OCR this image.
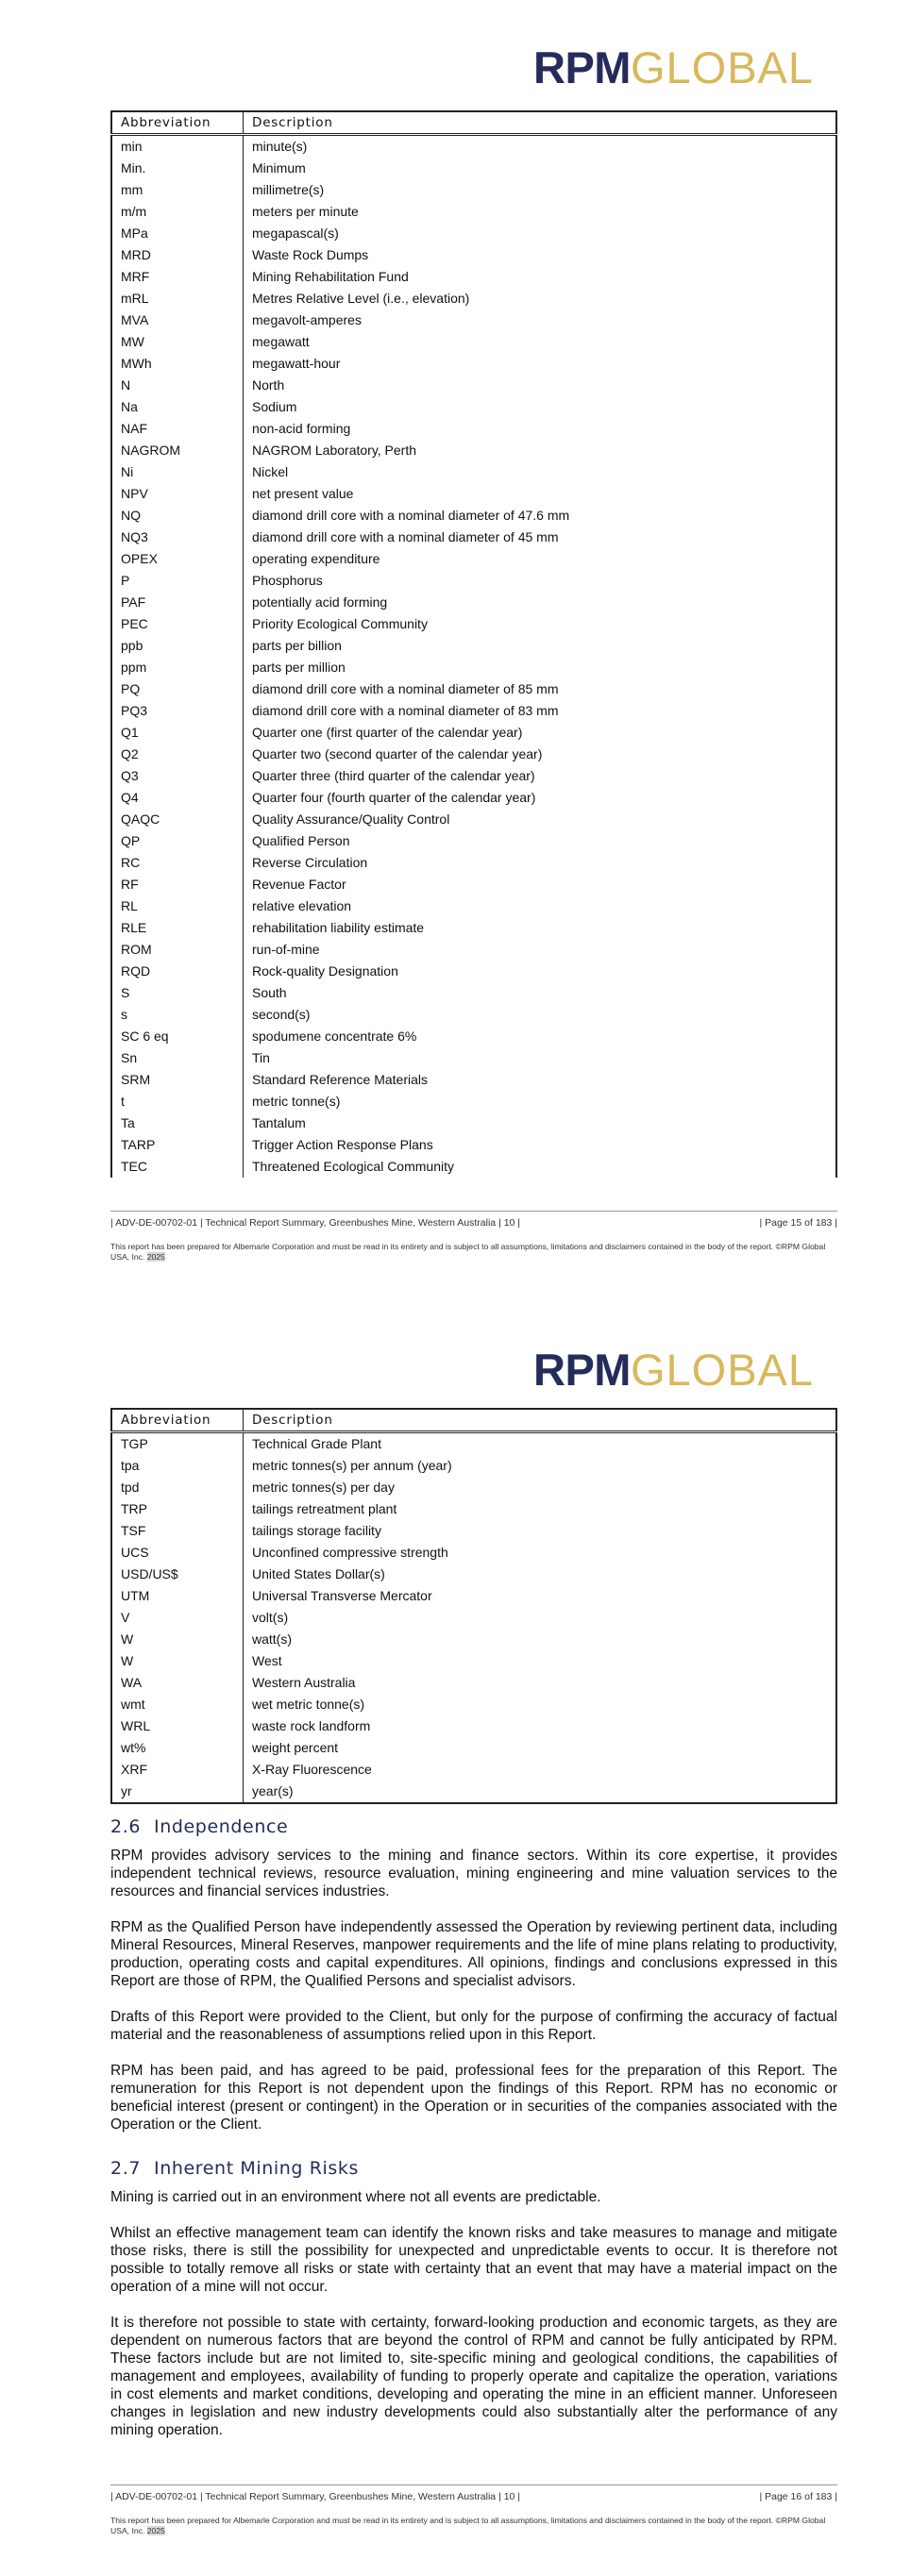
RPMGLOBAL
Abbreviation	Description
min	minute(s)
Min.	Minimum
mm	millimetre(s)
m/m	meters per minute
MPa	megapascal(s)
MRD	Waste Rock Dumps
MRF	Mining Rehabilitation Fund
mRL	Metres Relative Level (i.e., elevation)
MVA	megavolt-amperes
MW	megawatt
MWh	megawatt-hour
N	North
Na	Sodium
NAF	non-acid forming
NAGROM	NAGROM Laboratory, Perth
Ni	Nickel
NPV	net present value
NQ	diamond drill core with a nominal diameter of 47.6 mm
NQ3	diamond drill core with a nominal diameter of 45 mm
OPEX	operating expenditure
P	Phosphorus
PAF	potentially acid forming
PEC	Priority Ecological Community
ppb	parts per billion
ppm	parts per million
PQ	diamond drill core with a nominal diameter of 85 mm
PQ3	diamond drill core with a nominal diameter of 83 mm
Q1	Quarter one (first quarter of the calendar year)
Q2	Quarter two (second quarter of the calendar year)
Q3	Quarter three (third quarter of the calendar year)
Q4	Quarter four (fourth quarter of the calendar year)
QAQC	Quality Assurance/Quality Control
QP	Qualified Person
RC	Reverse Circulation
RF	Revenue Factor
RL	relative elevation
RLE	rehabilitation liability estimate
ROM	run-of-mine
RQD	Rock-quality Designation
S	South
s	second(s)
SC 6 eq	spodumene concentrate 6%
Sn	Tin
SRM	Standard Reference Materials
t	metric tonne(s)
Ta	Tantalum
TARP	Trigger Action Response Plans
TEC	Threatened Ecological Community
| ADV-DE-00702-01 | Technical Report Summary, Greenbushes Mine, Western Australia | 10 |	| Page 15 of 183 |
This report has been prepared for Albemarle Corporation and must be read in its entirety and is subject to all assumptions, limitations and disclaimers contained in the body of the report. ©RPM Global USA, Inc. 2025
RPMGLOBAL
Abbreviation	Description
TGP	Technical Grade Plant
tpa	metric tonnes(s) per annum (year)
tpd	metric tonnes(s) per day
TRP	tailings retreatment plant
TSF	tailings storage facility
UCS	Unconfined compressive strength
USD/US$	United States Dollar(s)
UTM	Universal Transverse Mercator
V	volt(s)
W	watt(s)
W	West
WA	Western Australia
wmt	wet metric tonne(s)
WRL	waste rock landform
wt%	weight percent
XRF	X-Ray Fluorescence
yr	year(s)
2.6 Independence

RPM provides advisory services to the mining and finance sectors. Within its core expertise, it provides independent technical reviews, resource evaluation, mining engineering and mine valuation services to the resources and financial services industries.

RPM as the Qualified Person have independently assessed the Operation by reviewing pertinent data, including Mineral Resources, Mineral Reserves, manpower requirements and the life of mine plans relating to productivity, production, operating costs and capital expenditures. All opinions, findings and conclusions expressed in this Report are those of RPM, the Qualified Persons and specialist advisors.

Drafts of this Report were provided to the Client, but only for the purpose of confirming the accuracy of factual material and the reasonableness of assumptions relied upon in this Report.

RPM has been paid, and has agreed to be paid, professional fees for the preparation of this Report. The remuneration for this Report is not dependent upon the findings of this Report. RPM has no economic or beneficial interest (present or contingent) in the Operation or in securities of the companies associated with the Operation or the Client.

2.7 Inherent Mining Risks

Mining is carried out in an environment where not all events are predictable.

Whilst an effective management team can identify the known risks and take measures to manage and mitigate those risks, there is still the possibility for unexpected and unpredictable events to occur. It is therefore not possible to totally remove all risks or state with certainty that an event that may have a material impact on the operation of a mine will not occur.

It is therefore not possible to state with certainty, forward-looking production and economic targets, as they are dependent on numerous factors that are beyond the control of RPM and cannot be fully anticipated by RPM. These factors include but are not limited to, site-specific mining and geological conditions, the capabilities of management and employees, availability of funding to properly operate and capitalize the operation, variations in cost elements and market conditions, developing and operating the mine in an efficient manner. Unforeseen changes in legislation and new industry developments could also substantially alter the performance of any mining operation.

| ADV-DE-00702-01 | Technical Report Summary, Greenbushes Mine, Western Australia | 10 |	| Page 16 of 183 |
This report has been prepared for Albemarle Corporation and must be read in its entirety and is subject to all assumptions, limitations and disclaimers contained in the body of the report. ©RPM Global USA, Inc. 2025
